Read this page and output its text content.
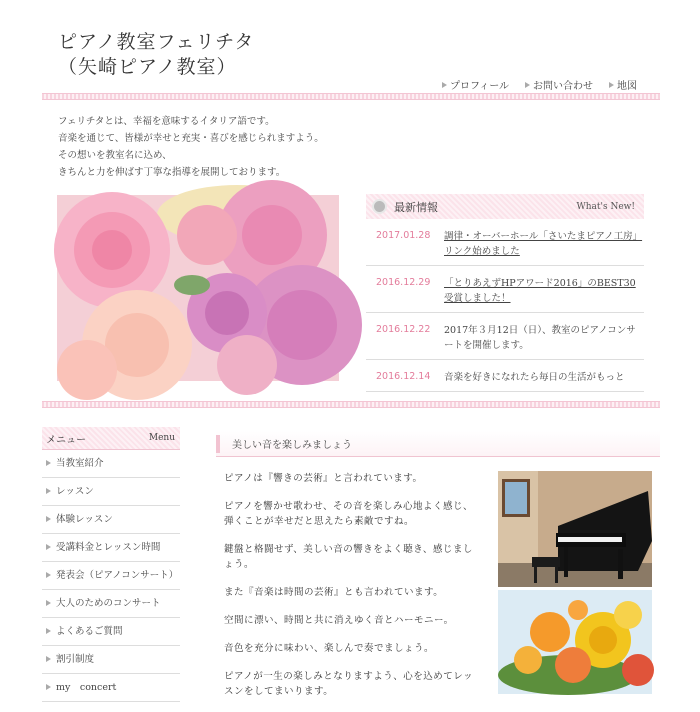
ピアノ教室フェリチタ
（矢崎ピアノ教室）
プロフィール お問い合わせ 地図
フェリチタとは、幸福を意味するイタリア語です。
音楽を通じて、皆様が幸せと充実・喜びを感じられますよう。
その想いを教室名に込め、
きちんと力を伸ばす丁寧な指導を展開しております。
最新情報	What's New!
2017.01.28	調律・オーバーホール「さいたまピアノ工房」 リンク始めました
2016.12.29	「とりあえずHPアワード2016」のBEST30受賞しました！
2016.12.22	2017年３月12日（日）、教室のピアノコンサートを開催します。
2016.12.14	音楽を好きになれたら毎日の生活がもっと
メニュー	Menu
当教室紹介
レッスン
体験レッスン
受講料金とレッスン時間
発表会（ピアノコンサート）
大人のためのコンサート
よくあるご質問
割引制度
my　concert
美しい音を楽しみましょう

ピアノは『響きの芸術』と言われています。

ピアノを響かせ歌わせ、その音を楽しみ心地よく感じ、弾くことが幸せだと思えたら素敵ですね。

鍵盤と格闘せず、美しい音の響きをよく聴き、感じましょう。

また『音楽は時間の芸術』とも言われています。

空間に漂い、時間と共に消えゆく音とハーモニー。

音色を充分に味わい、楽しんで奏でましょう。

ピアノが一生の楽しみとなりますよう、心を込めてレッスンをしてまいります。
